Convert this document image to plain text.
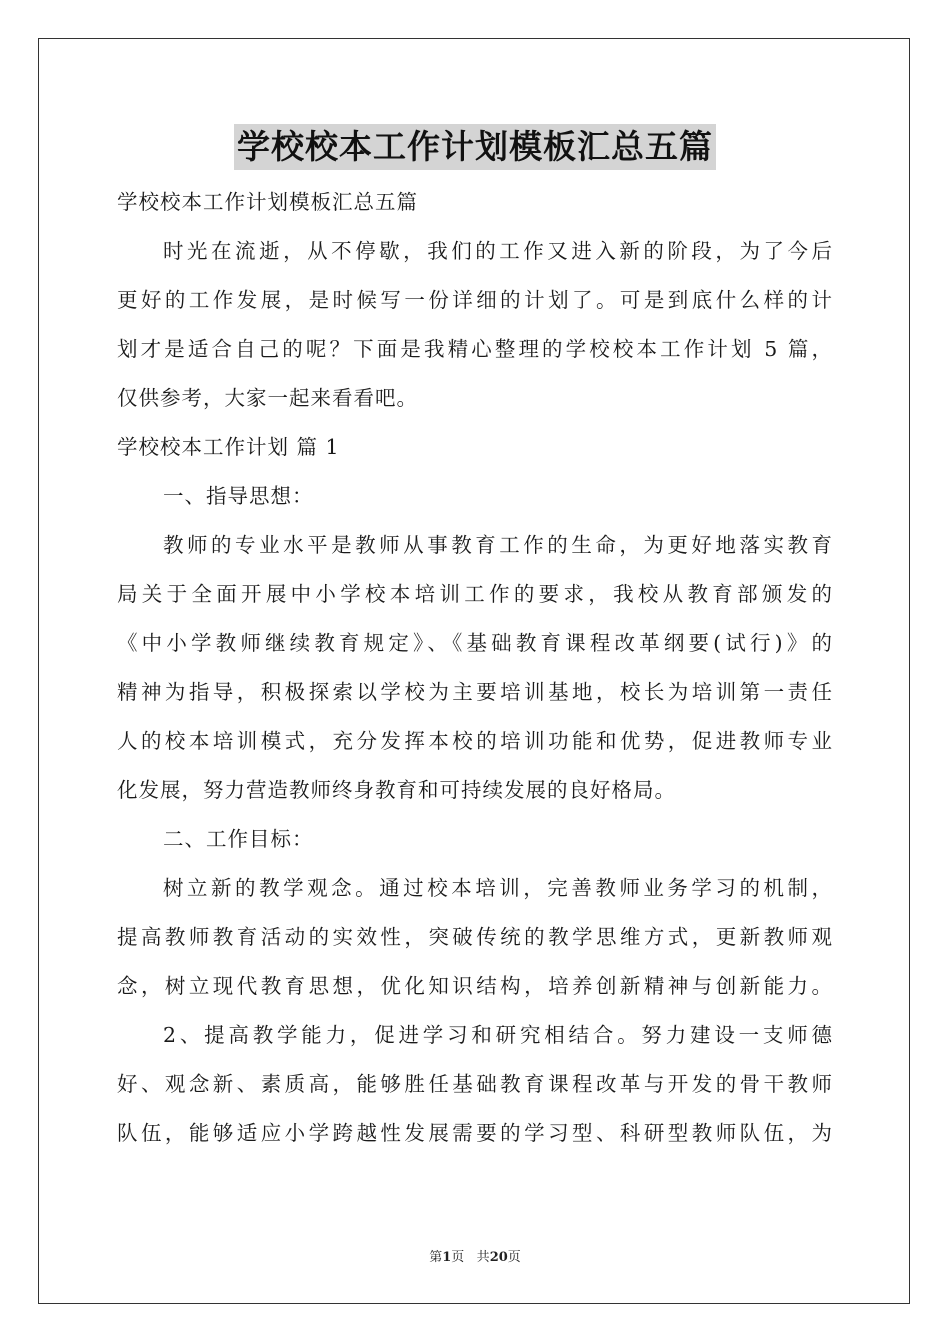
学校校本工作计划模板汇总五篇
学校校本工作计划模板汇总五篇
时光在流逝，从不停歇，我们的工作又进入新的阶段，为了今后
更好的工作发展，是时候写一份详细的计划了。可是到底什么样的计
划才是适合自己的呢？下面是我精心整理的学校校本工作计划 5 篇，
仅供参考，大家一起来看看吧。
学校校本工作计划 篇 1
一、指导思想：
教师的专业水平是教师从事教育工作的生命，为更好地落实教育
局关于全面开展中小学校本培训工作的要求，我校从教育部颁发的
《中小学教师继续教育规定》、《基础教育课程改革纲要(试行)》的
精神为指导，积极探索以学校为主要培训基地，校长为培训第一责任
人的校本培训模式，充分发挥本校的培训功能和优势，促进教师专业
化发展，努力营造教师终身教育和可持续发展的良好格局。
二、工作目标：
树立新的教学观念。通过校本培训，完善教师业务学习的机制，
提高教师教育活动的实效性，突破传统的教学思维方式，更新教师观
念，树立现代教育思想，优化知识结构，培养创新精神与创新能力。
2、提高教学能力，促进学习和研究相结合。努力建设一支师德
好、观念新、素质高，能够胜任基础教育课程改革与开发的骨干教师
队伍，能够适应小学跨越性发展需要的学习型、科研型教师队伍，为
第1页 共20页
